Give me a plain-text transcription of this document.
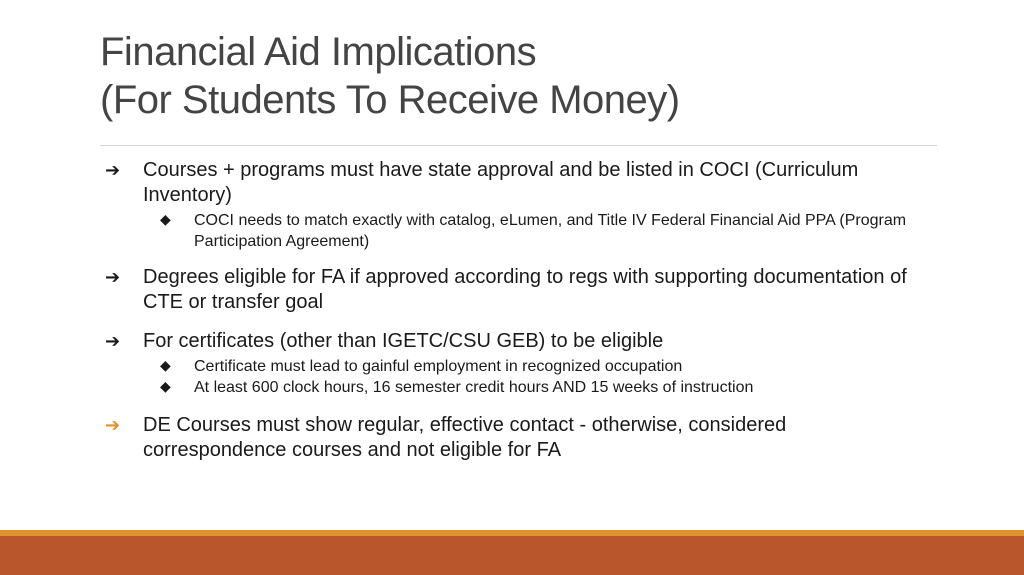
Financial Aid Implications
(For Students To Receive Money)
➔	Courses + programs must have state approval and be listed in COCI (Curriculum Inventory)
◆ COCI needs to match exactly with catalog, eLumen, and Title IV Federal Financial Aid PPA (Program Participation Agreement)
➔	Degrees eligible for FA if approved according to regs with supporting documentation of CTE or transfer goal
➔	For certificates (other than IGETC/CSU GEB) to be eligible
◆ Certificate must lead to gainful employment in recognized occupation
◆ At least 600 clock hours, 16 semester credit hours AND 15 weeks of instruction
➔	DE Courses must show regular, effective contact - otherwise, considered correspondence courses and not eligible for FA
